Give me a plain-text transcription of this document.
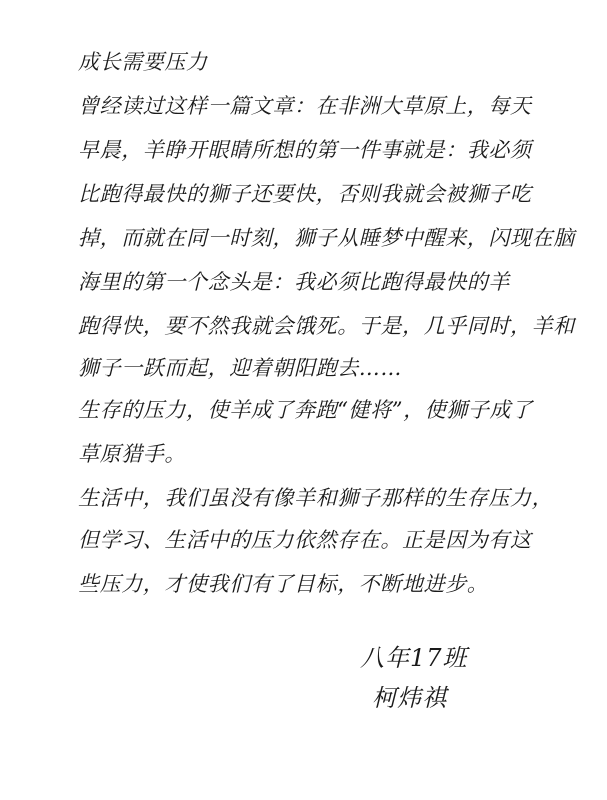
成长需要压力
曾经读过这样一篇文章：在非洲大草原上，每天
早晨，羊睁开眼睛所想的第一件事就是：我必须
比跑得最快的狮子还要快，否则我就会被狮子吃
掉，而就在同一时刻，狮子从睡梦中醒来，闪现在脑
海里的第一个念头是：我必须比跑得最快的羊
跑得快，要不然我就会饿死。于是，几乎同时，羊和
狮子一跃而起，迎着朝阳跑去……
生存的压力，使羊成了奔跑“健将”，使狮子成了
草原猎手。
生活中，我们虽没有像羊和狮子那样的生存压力，
但学习、生活中的压力依然存在。正是因为有这
些压力，才使我们有了目标，不断地进步。
八年17班
柯炜祺
